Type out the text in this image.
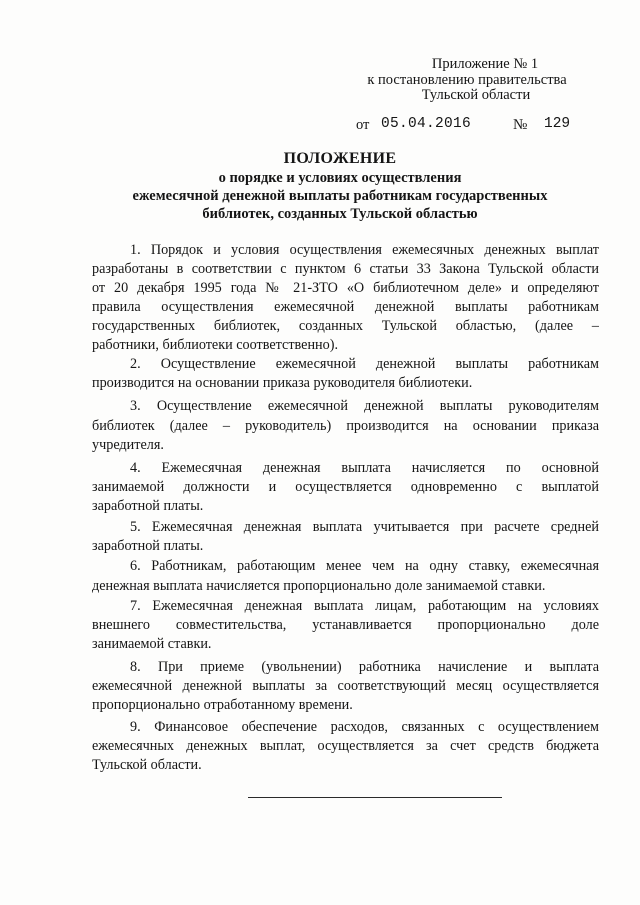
Приложение № 1
к постановлению правительства
Тульской области
от 05.04.2016	№ 129
ПОЛОЖЕНИЕ
о порядке и условиях осуществления
ежемесячной денежной выплаты работникам государственных
библиотек, созданных Тульской областью
1. Порядок и условия осуществления ежемесячных денежных выплат
разработаны в соответствии с пунктом 6 статьи 33 Закона Тульской области
от 20 декабря 1995 года № 21-ЗТО «О библиотечном деле» и определяют
правила осуществления ежемесячной денежной выплаты работникам
государственных библиотек, созданных Тульской областью, (далее –
работники, библиотеки соответственно).
2. Осуществление ежемесячной денежной выплаты работникам
производится на основании приказа руководителя библиотеки.
3. Осуществление ежемесячной денежной выплаты руководителям
библиотек (далее – руководитель) производится на основании приказа
учредителя.
4. Ежемесячная денежная выплата начисляется по основной
занимаемой должности и осуществляется одновременно с выплатой
заработной платы.
5. Ежемесячная денежная выплата учитывается при расчете средней
заработной платы.
6. Работникам, работающим менее чем на одну ставку, ежемесячная
денежная выплата начисляется пропорционально доле занимаемой ставки.
7. Ежемесячная денежная выплата лицам, работающим на условиях
внешнего совместительства, устанавливается пропорционально доле
занимаемой ставки.
8. При приеме (увольнении) работника начисление и выплата
ежемесячной денежной выплаты за соответствующий месяц осуществляется
пропорционально отработанному времени.
9. Финансовое обеспечение расходов, связанных с осуществлением
ежемесячных денежных выплат, осуществляется за счет средств бюджета
Тульской области.
